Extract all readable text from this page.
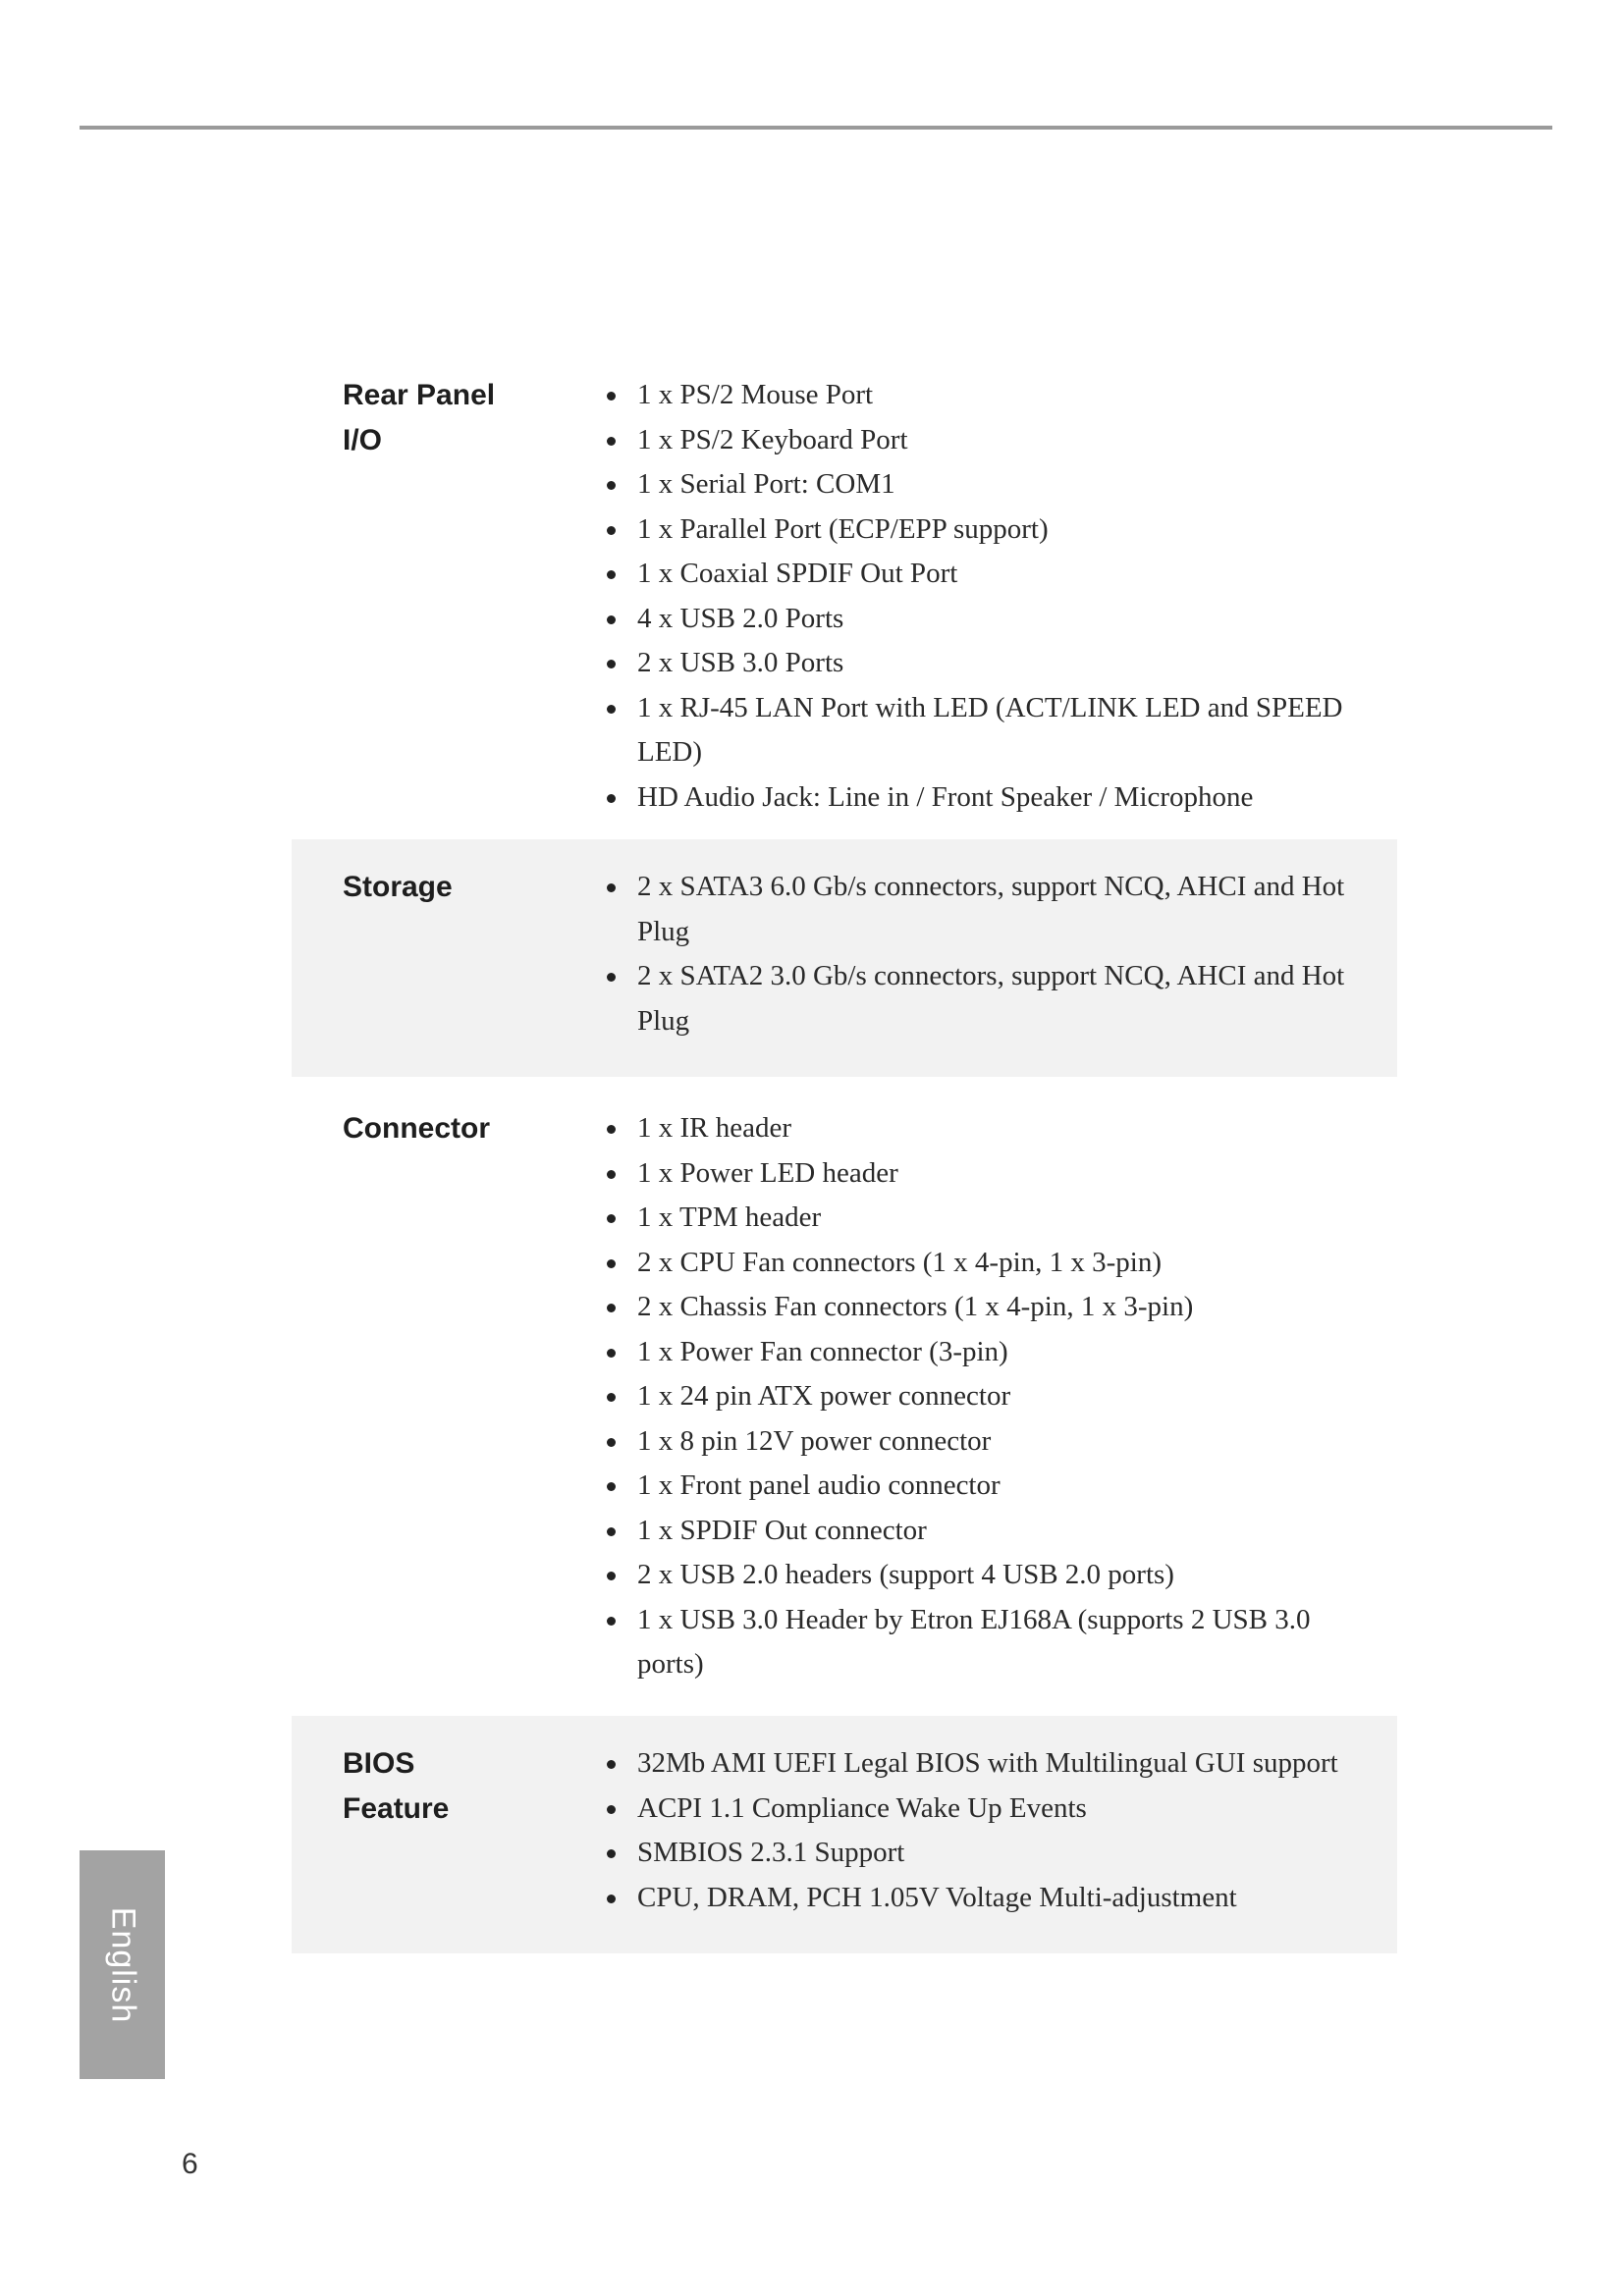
Rear Panel
I/O
1 x PS/2 Mouse Port
1 x PS/2 Keyboard Port
1 x Serial Port: COM1
1 x Parallel Port (ECP/EPP support)
1 x Coaxial SPDIF Out Port
4 x USB 2.0 Ports
2 x USB 3.0 Ports
1 x RJ-45 LAN Port with LED (ACT/LINK LED and SPEED LED)
HD Audio Jack: Line in / Front Speaker / Microphone
Storage	2 x SATA3 6.0 Gb/s connectors, support NCQ, AHCI and Hot Plug
2 x SATA2 3.0 Gb/s connectors, support NCQ, AHCI and Hot Plug
Connector	1 x IR header
1 x Power LED header
1 x TPM header
2 x CPU Fan connectors (1 x 4-pin, 1 x 3-pin)
2 x Chassis Fan connectors (1 x 4-pin, 1 x 3-pin)
1 x Power Fan connector (3-pin)
1 x 24 pin ATX power connector
1 x 8 pin 12V power connector
1 x Front panel audio connector
1 x SPDIF Out connector
2 x USB 2.0 headers (support 4 USB 2.0 ports)
1 x USB 3.0 Header by Etron EJ168A (supports 2 USB 3.0 ports)
BIOS
Feature
32Mb AMI UEFI Legal BIOS with Multilingual GUI support
ACPI 1.1 Compliance Wake Up Events
SMBIOS 2.3.1 Support
CPU, DRAM, PCH 1.05V Voltage Multi-adjustment
English
6
